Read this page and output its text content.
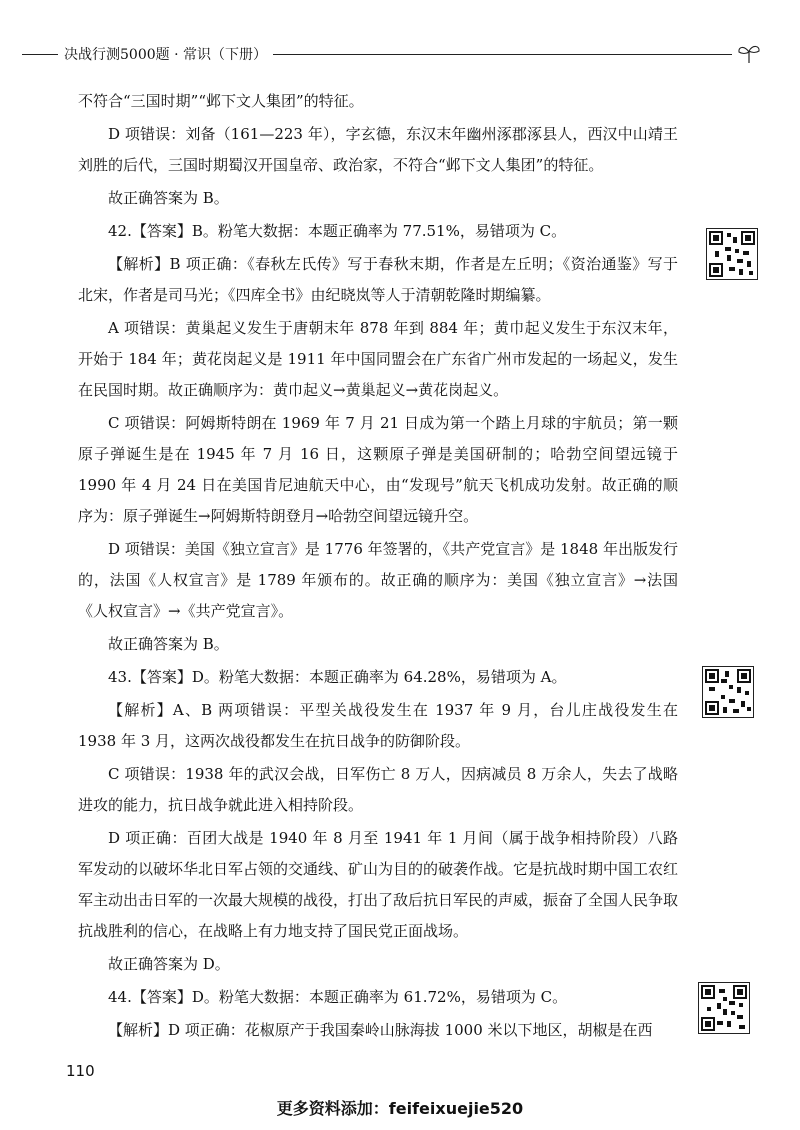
决战行测5000题 · 常识（下册）

不符合“三国时期”“邺下文人集团”的特征。

D 项错误：刘备（161—223 年），字玄德，东汉末年幽州涿郡涿县人，西汉中山靖王刘胜的后代，三国时期蜀汉开国皇帝、政治家，不符合“邺下文人集团”的特征。

故正确答案为 B。

42.【答案】B。粉笔大数据：本题正确率为 77.51%，易错项为 C。

【解析】B 项正确：《春秋左氏传》写于春秋末期，作者是左丘明；《资治通鉴》写于北宋，作者是司马光；《四库全书》由纪晓岚等人于清朝乾隆时期编纂。

A 项错误：黄巢起义发生于唐朝末年 878 年到 884 年；黄巾起义发生于东汉末年，开始于 184 年；黄花岗起义是 1911 年中国同盟会在广东省广州市发起的一场起义，发生在民国时期。故正确顺序为：黄巾起义→黄巢起义→黄花岗起义。

C 项错误：阿姆斯特朗在 1969 年 7 月 21 日成为第一个踏上月球的宇航员；第一颗原子弹诞生是在 1945 年 7 月 16 日，这颗原子弹是美国研制的；哈勃空间望远镜于 1990 年 4 月 24 日在美国肯尼迪航天中心，由“发现号”航天飞机成功发射。故正确的顺序为：原子弹诞生→阿姆斯特朗登月→哈勃空间望远镜升空。

D 项错误：美国《独立宣言》是 1776 年签署的，《共产党宣言》是 1848 年出版发行的，法国《人权宣言》是 1789 年颁布的。故正确的顺序为：美国《独立宣言》→法国《人权宣言》→《共产党宣言》。

故正确答案为 B。

43.【答案】D。粉笔大数据：本题正确率为 64.28%，易错项为 A。

【解析】A、B 两项错误：平型关战役发生在 1937 年 9 月，台儿庄战役发生在 1938 年 3 月，这两次战役都发生在抗日战争的防御阶段。

C 项错误：1938 年的武汉会战，日军伤亡 8 万人，因病减员 8 万余人，失去了战略进攻的能力，抗日战争就此进入相持阶段。

D 项正确：百团大战是 1940 年 8 月至 1941 年 1 月间（属于战争相持阶段）八路军发动的以破坏华北日军占领的交通线、矿山为目的的破袭作战。它是抗战时期中国工农红军主动出击日军的一次最大规模的战役，打出了敌后抗日军民的声威，振奋了全国人民争取抗战胜利的信心，在战略上有力地支持了国民党正面战场。

故正确答案为 D。

44.【答案】D。粉笔大数据：本题正确率为 61.72%，易错项为 C。

【解析】D 项正确：花椒原产于我国秦岭山脉海拔 1000 米以下地区，胡椒是在西

110
更多资料添加：feifeixuejie520
